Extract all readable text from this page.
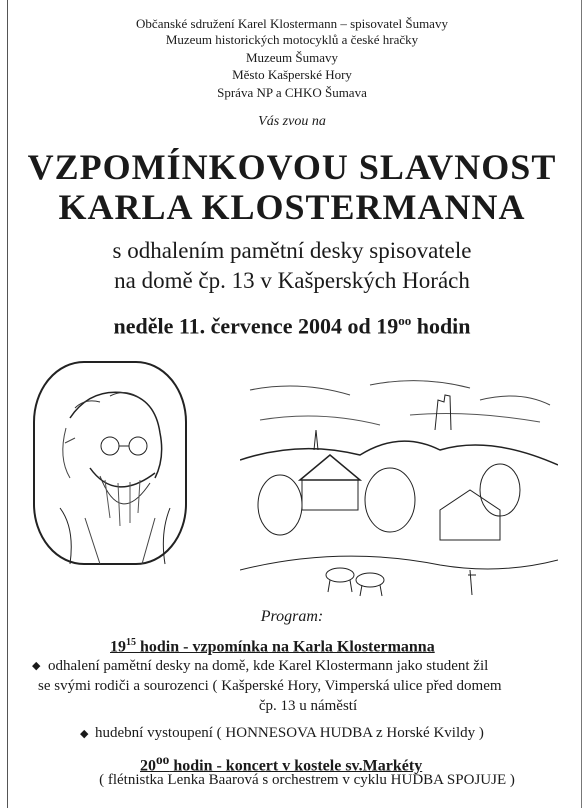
Občanské sdružení Karel Klostermann – spisovatel Šumavy
Muzeum historických motocyklů a české hračky
Muzeum Šumavy
Město Kašperské Hory
Správa NP a CHKO Šumava
Vás zvou na
VZPOMÍNKOVOU SLAVNOST
KARLA KLOSTERMANNA
s odhalením pamětní desky spisovatele
na domě čp. 13 v Kašperských Horách
neděle 11. července 2004 od $19^{oo}$ hodin
Program:
$19^{15}$ hodin - vzpomínka na Karla Klostermanna
◆ odhalení pamětní desky na domě, kde Karel Klostermann jako student žil
se svými rodiči a sourozenci ( Kašperské Hory, Vimperská ulice před domem
čp. 13 u náměstí
◆ hudební vystoupení ( HONNESOVA HUDBA z Horské Kvildy )
$20^{oo}$ hodin - koncert v kostele sv.Markéty
( flétnistka Lenka Baarová s orchestrem v cyklu HUDBA SPOJUJE )
